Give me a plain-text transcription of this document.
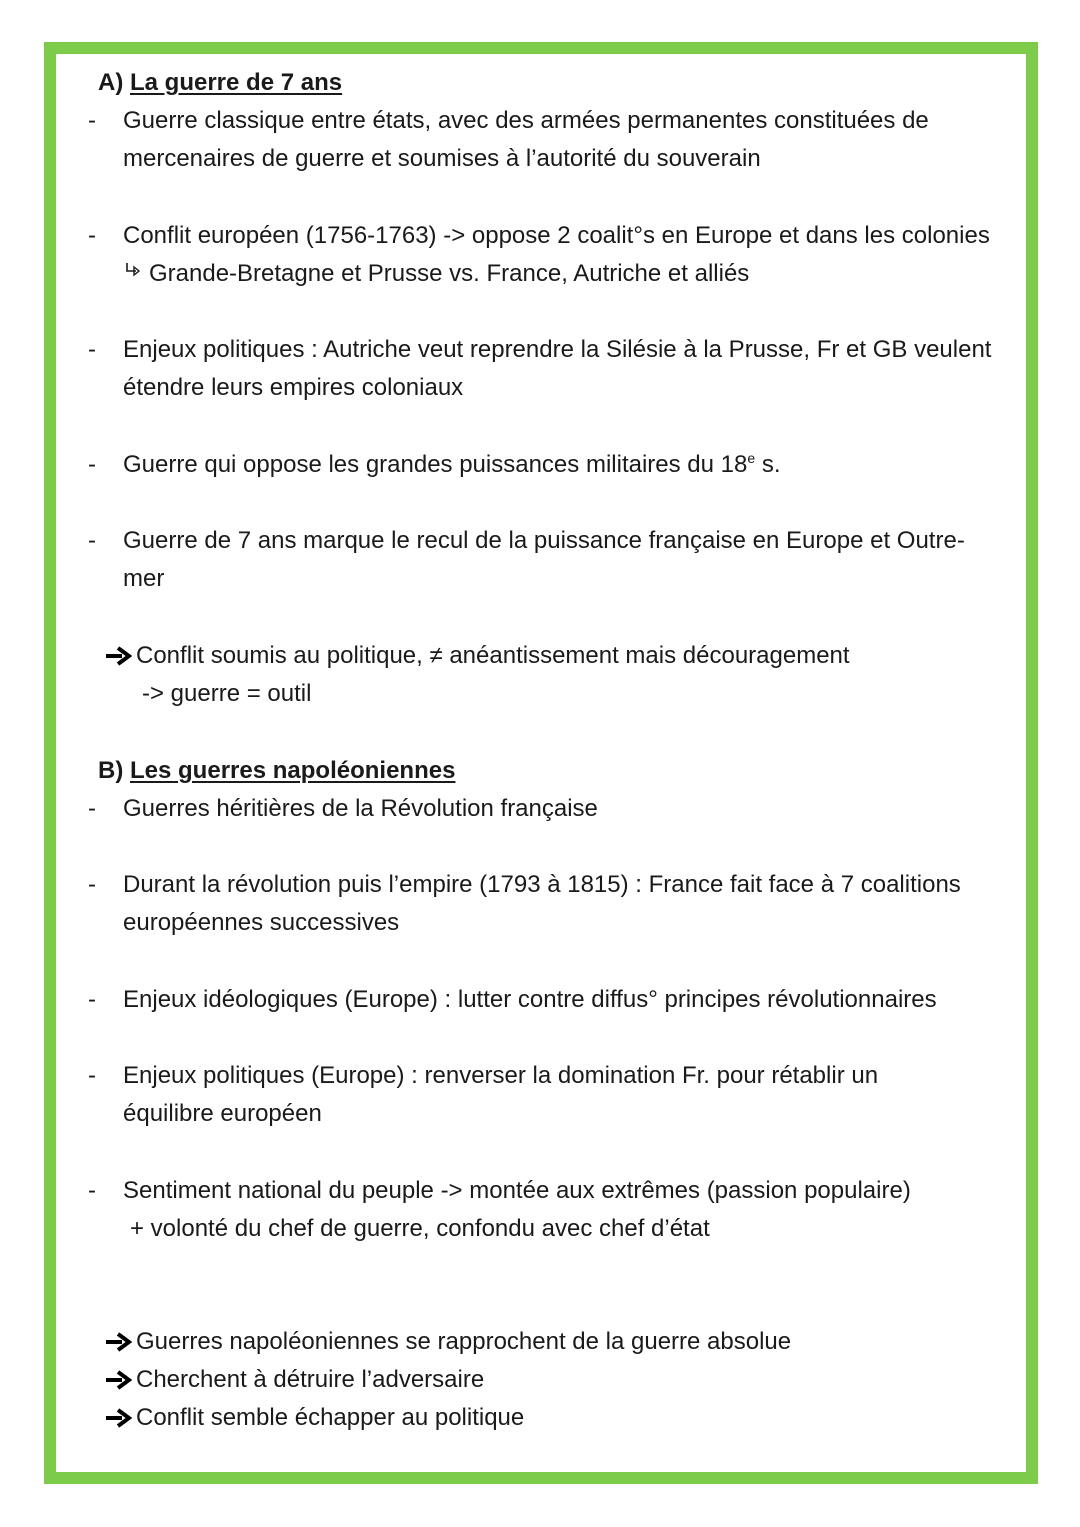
A) La guerre de 7 ans
- Guerre classique entre états, avec des armées permanentes constituées de
mercenaires de guerre et soumises à l’autorité du souverain
- Conflit européen (1756-1763) -> oppose 2 coalit°s en Europe et dans les colonies
Grande-Bretagne et Prusse vs. France, Autriche et alliés
- Enjeux politiques : Autriche veut reprendre la Silésie à la Prusse, Fr et GB veulent
étendre leurs empires coloniaux
- Guerre qui oppose les grandes puissances militaires du 18e s.
- Guerre de 7 ans marque le recul de la puissance française en Europe et Outre-
mer
Conflit soumis au politique, ≠ anéantissement mais découragement
-> guerre = outil
B) Les guerres napoléoniennes
- Guerres héritières de la Révolution française
- Durant la révolution puis l’empire (1793 à 1815) : France fait face à 7 coalitions
européennes successives
- Enjeux idéologiques (Europe) : lutter contre diffus° principes révolutionnaires
- Enjeux politiques (Europe) : renverser la domination Fr. pour rétablir un
équilibre européen
- Sentiment national du peuple -> montée aux extrêmes (passion populaire)
+ volonté du chef de guerre, confondu avec chef d’état
Guerres napoléoniennes se rapprochent de la guerre absolue
Cherchent à détruire l’adversaire
Conflit semble échapper au politique
